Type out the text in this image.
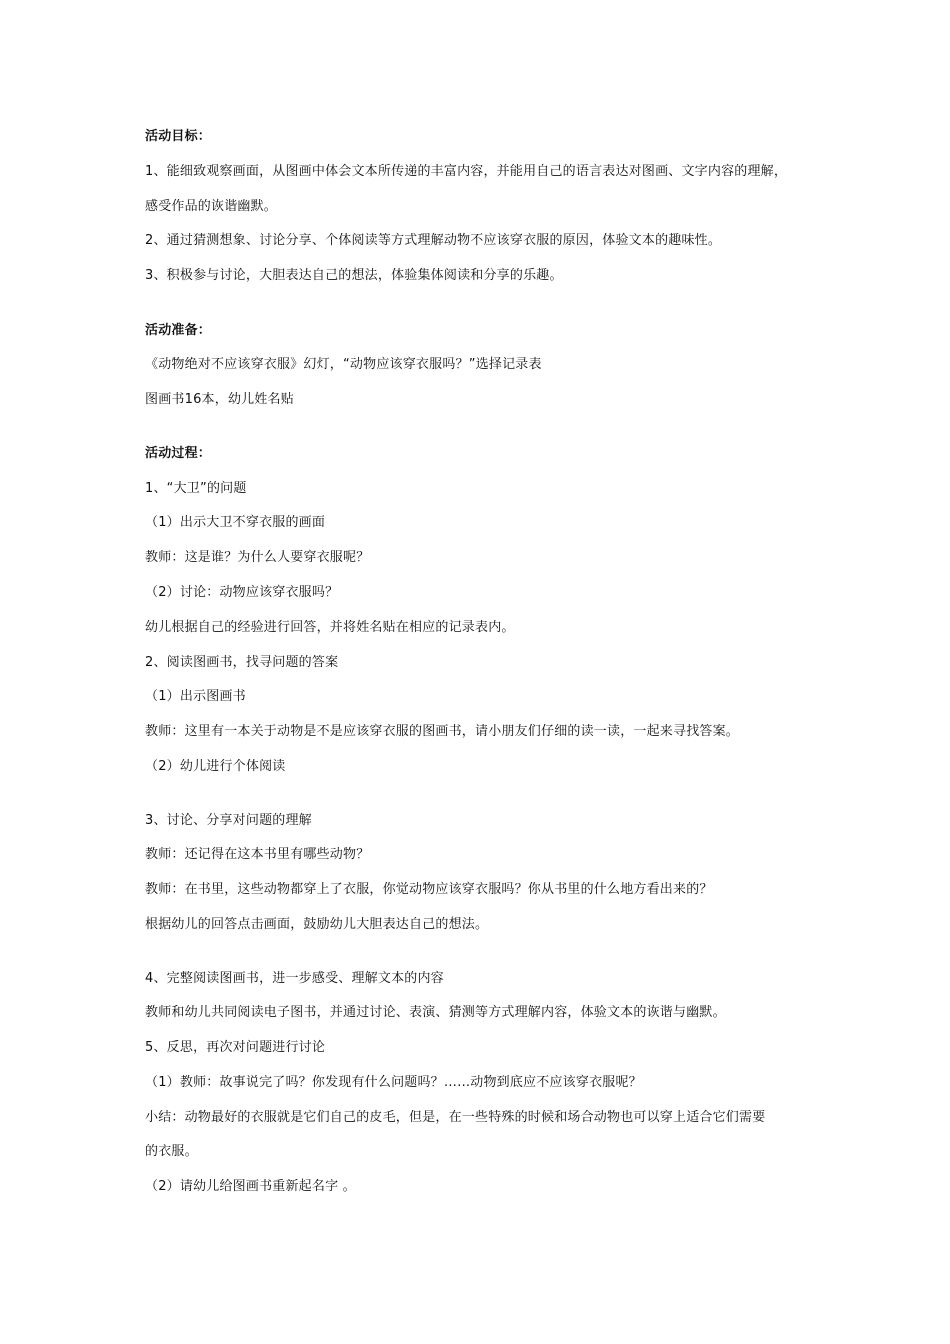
活动目标：
1、能细致观察画面，从图画中体会文本所传递的丰富内容，并能用自己的语言表达对图画、文字内容的理解，
感受作品的诙谐幽默。
2、通过猜测想象、讨论分享、个体阅读等方式理解动物不应该穿衣服的原因，体验文本的趣味性。
3、积极参与讨论，大胆表达自己的想法，体验集体阅读和分享的乐趣。
活动准备：
《动物绝对不应该穿衣服》幻灯，“动物应该穿衣服吗？”选择记录表
图画书16本，幼儿姓名贴
活动过程：
1、“大卫”的问题
（1）出示大卫不穿衣服的画面
教师：这是谁？为什么人要穿衣服呢？
（2）讨论：动物应该穿衣服吗？
幼儿根据自己的经验进行回答，并将姓名贴在相应的记录表内。
2、阅读图画书，找寻问题的答案
（1）出示图画书
教师：这里有一本关于动物是不是应该穿衣服的图画书，请小朋友们仔细的读一读，一起来寻找答案。
（2）幼儿进行个体阅读
3、讨论、分享对问题的理解
教师：还记得在这本书里有哪些动物？
教师：在书里，这些动物都穿上了衣服，你觉动物应该穿衣服吗？你从书里的什么地方看出来的？
根据幼儿的回答点击画面，鼓励幼儿大胆表达自己的想法。
4、完整阅读图画书，进一步感受、理解文本的内容
教师和幼儿共同阅读电子图书，并通过讨论、表演、猜测等方式理解内容，体验文本的诙谐与幽默。
5、反思，再次对问题进行讨论
（1）教师：故事说完了吗？你发现有什么问题吗？……动物到底应不应该穿衣服呢？
小结：动物最好的衣服就是它们自己的皮毛，但是，在一些特殊的时候和场合动物也可以穿上适合它们需要
的衣服。
（2）请幼儿给图画书重新起名字 。
